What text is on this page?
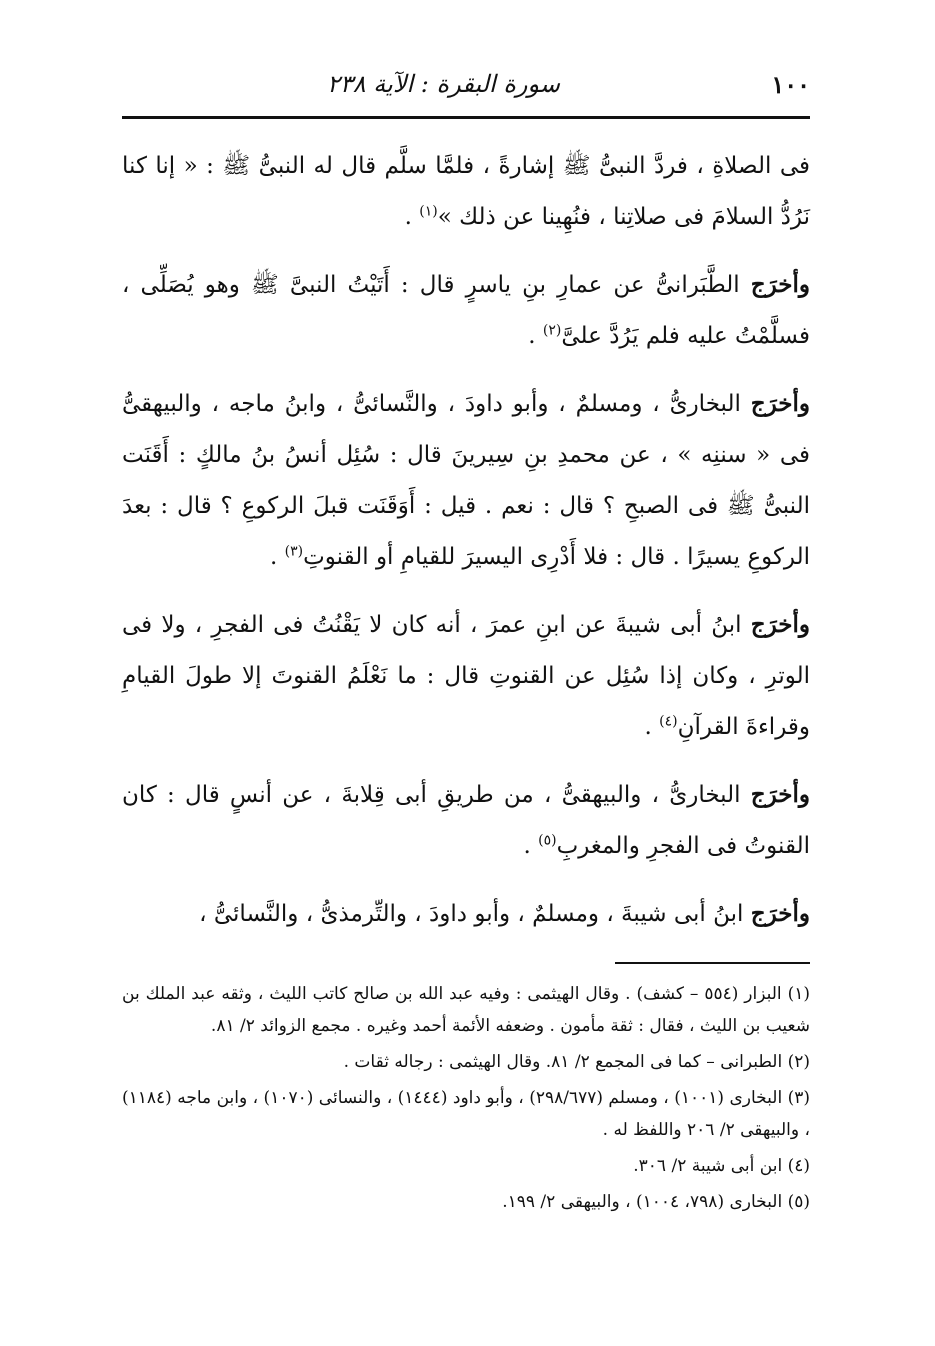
١٠٠
سورة البقرة : الآية ٢٣٨

فى الصلاةِ ، فردَّ النبىُّ ﷺ إشارةً ، فلمَّا سلَّم قال له النبىُّ ﷺ : « إنا كنا نَرُدُّ السلامَ فى صلاتِنا ، فنُهِينا عن ذلك »$^{(١)}$ .

وأخرَج الطَّبَرانىُّ عن عمارِ بنِ ياسرٍ قال : أَتَيْتُ النبىَّ ﷺ وهو يُصَلِّى ، فسلَّمْتُ عليه فلم يَرُدَّ علىَّ$^{(٢)}$ .

وأخرَج البخارىُّ ، ومسلمٌ ، وأبو داودَ ، والنَّسائىُّ ، وابنُ ماجه ، والبيهقىُّ فى « سننِه » ، عن محمدِ بنِ سِيرينَ قال : سُئِل أنسُ بنُ مالكٍ : أَقَنَت النبىُّ ﷺ فى الصبحِ ؟ قال : نعم . قيل : أَوَقَنَت قبلَ الركوعِ ؟ قال : بعدَ الركوعِ يسيرًا . قال : فلا أَدْرِى اليسيرَ للقيامِ أو القنوتِ$^{(٣)}$ .

وأخرَج ابنُ أبى شيبةَ عن ابنِ عمرَ ، أنه كان لا يَقْنُتُ فى الفجرِ ، ولا فى الوترِ ، وكان إذا سُئِل عن القنوتِ قال : ما نَعْلَمُ القنوتَ إلا طولَ القيامِ وقراءةَ القرآنِ$^{(٤)}$ .

وأخرَج البخارىُّ ، والبيهقىُّ ، من طريقِ أبى قِلابةَ ، عن أنسٍ قال : كان القنوتُ فى الفجرِ والمغربِ$^{(٥)}$ .

وأخرَج ابنُ أبى شيبةَ ، ومسلمٌ ، وأبو داودَ ، والتِّرمذىُّ ، والنَّسائىُّ ،

(١) البزار (٥٥٤ – كشف) . وقال الهيثمى : وفيه عبد الله بن صالح كاتب الليث ، وثقه عبد الملك بن شعيب بن الليث ، فقال : ثقة مأمون . وضعفه الأئمة أحمد وغيره . مجمع الزوائد ٢/ ٨١.

(٢) الطبرانى – كما فى المجمع ٢/ ٨١. وقال الهيثمى : رجاله ثقات .

(٣) البخارى (١٠٠١) ، ومسلم (٢٩٨/٦٧٧) ، وأبو داود (١٤٤٤) ، والنسائى (١٠٧٠) ، وابن ماجه (١١٨٤) ، والبيهقى ٢/ ٢٠٦ واللفظ له .

(٤) ابن أبى شيبة ٢/ ٣٠٦.

(٥) البخارى (٧٩٨، ١٠٠٤) ، والبيهقى ٢/ ١٩٩.
